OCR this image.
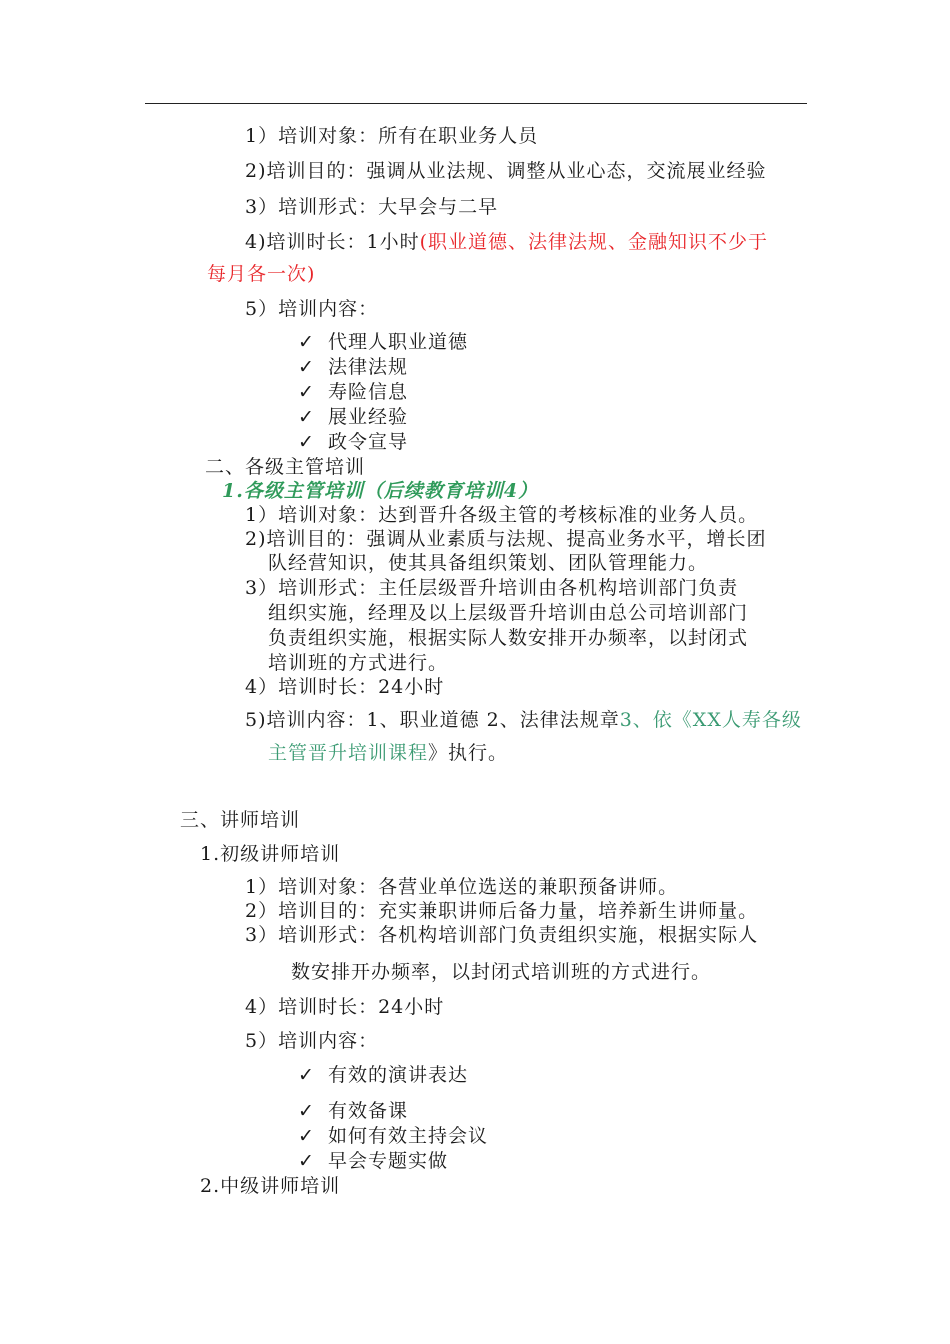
1）培训对象：所有在职业务人员
2)培训目的：强调从业法规、调整从业心态，交流展业经验
3）培训形式：大早会与二早
4)培训时长：1小时(职业道德、法律法规、金融知识不少于
每月各一次)
5）培训内容：
✓ 代理人职业道德
✓ 法律法规
✓ 寿险信息
✓ 展业经验
✓ 政令宣导
二、各级主管培训
1.各级主管培训（后续教育培训4）
1）培训对象：达到晋升各级主管的考核标准的业务人员。
2)培训目的：强调从业素质与法规、提高业务水平，增长团
队经营知识，使其具备组织策划、团队管理能力。
3）培训形式：主任层级晋升培训由各机构培训部门负责
组织实施，经理及以上层级晋升培训由总公司培训部门
负责组织实施，根据实际人数安排开办频率，以封闭式
培训班的方式进行。
4）培训时长：24小时
5)培训内容：1、职业道德 2、法律法规章3、依《XX人寿各级
主管晋升培训课程》执行。
三、讲师培训
1.初级讲师培训
1）培训对象：各营业单位选送的兼职预备讲师。
2）培训目的：充实兼职讲师后备力量，培养新生讲师量。
3）培训形式：各机构培训部门负责组织实施，根据实际人
数安排开办频率，以封闭式培训班的方式进行。
4）培训时长：24小时
5）培训内容：
✓ 有效的演讲表达
✓ 有效备课
✓ 如何有效主持会议
✓ 早会专题实做
2.中级讲师培训
